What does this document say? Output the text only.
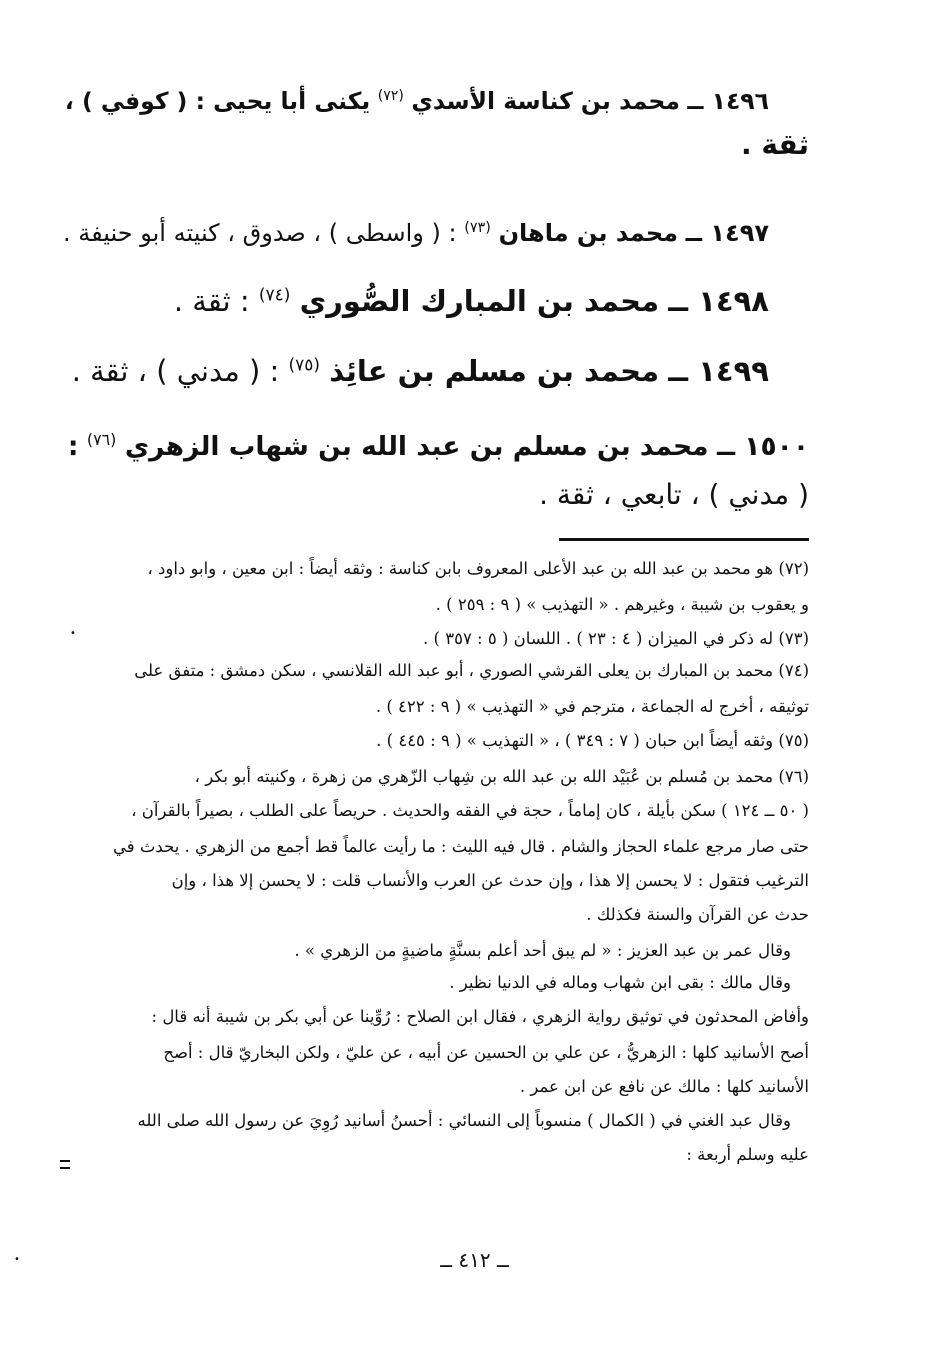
١٤٩٦ ــ محمد بن كناسة الأسدي $^{(٧٢)}$ يكنى أبا يحيى : ( كوفي ) ،
ثقة .
١٤٩٧ ــ محمد بن ماهان $^{(٧٣)}$ : ( واسطى ) ، صدوق ، كنيته أبو حنيفة .
١٤٩٨ ــ محمد بن المبارك الصُّوري $^{(٧٤)}$ : ثقة .
١٤٩٩ ــ محمد بن مسلم بن عائِذ $^{(٧٥)}$ : ( مدني ) ، ثقة .
١٥٠٠ ــ محمد بن مسلم بن عبد الله بن شهاب الزهري $^{(٧٦)}$ :
( مدني ) ، تابعي ، ثقة .
(٧٢) هو محمد بن عبد الله بن عبد الأعلى المعروف بابن كناسة : وثقه أيضاً : ابن معين ، وابو داود ،
و يعقوب بن شيبة ، وغيرهم . « التهذيب » ( ٩ : ٢٥٩ ) .
(٧٣) له ذكر في الميزان ( ٤ : ٢٣ ) . اللسان ( ٥ : ٣٥٧ ) .
(٧٤) محمد بن المبارك بن يعلى القرشي الصوري ، أبو عبد الله القلانسي ، سكن دمشق : متفق على
توثيقه ، أخرج له الجماعة ، مترجم في « التهذيب » ( ٩ : ٤٢٢ ) .
(٧٥) وثقه أيضاً ابن حبان ( ٧ : ٣٤٩ ) ، « التهذيب » ( ٩ : ٤٤٥ ) .
(٧٦) محمد بن مُسلم بن عُبَيْد الله بن عبد الله بن شِهاب الزّهري من زهرة ، وكنيته أبو بكر ،
( ٥٠ ــ ١٢٤ ) سكن بأيلة ، كان إماماً ، حجة في الفقه والحديث . حريصاً على الطلب ، بصيراً بالقرآن ،
حتى صار مرجع علماء الحجاز والشام . قال فيه الليث : ما رأيت عالماً قط أجمع من الزهري . يحدث في
الترغيب فتقول : لا يحسن إلا هذا ، وإن حدث عن العرب والأنساب قلت : لا يحسن إلا هذا ، وإن
حدث عن القرآن والسنة فكذلك .
وقال عمر بن عبد العزيز : « لم يبق أحد أعلم بسنَّةٍ ماضيةٍ من الزهري » .
وقال مالك : بقى ابن شهاب وماله في الدنيا نظير .
وأفاض المحدثون في توثيق رواية الزهري ، فقال ابن الصلاح : رُوِّينا عن أبي بكر بن شيبة أنه قال :
أصح الأسانيد كلها : الزهريُّ ، عن علي بن الحسين عن أبيه ، عن عليّ ، ولكن البخاريّ قال : أصح
الأسانيد كلها : مالك عن نافع عن ابن عمر .
وقال عبد الغني في ( الكمال ) منسوباً إلى النسائي : أحسنُ أسانيد رُوِيَ عن رسول الله صلى الله
عليه وسلم أربعة :
•
•	ــ ٤١٢ ــ
